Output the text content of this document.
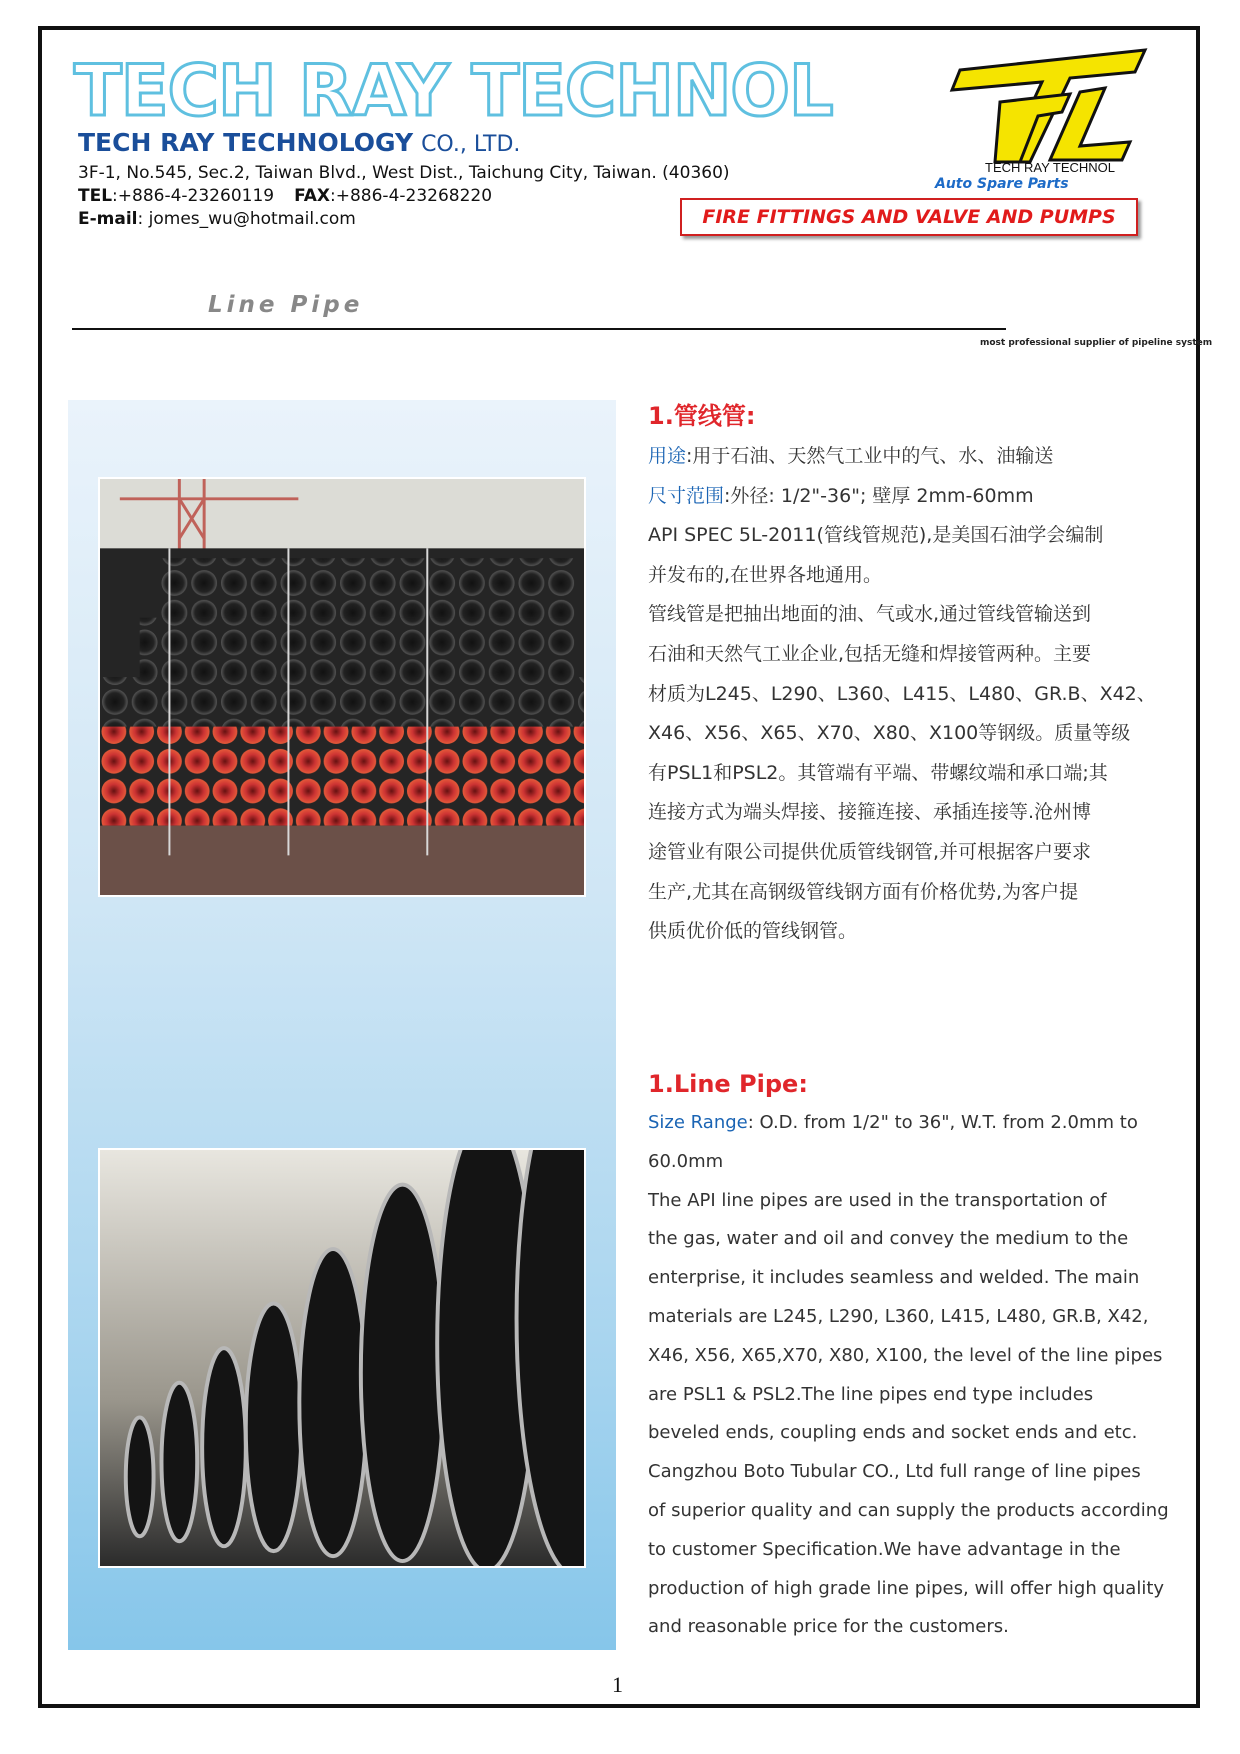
TECH RAY TECHNOL
TECH RAY TECHNOLOGY CO., LTD.
3F-1, No.545, Sec.2, Taiwan Blvd., West Dist., Taichung City, Taiwan. (40360)
TEL:+886-4-23260119 FAX:+886-4-23268220
E-mail: jomes_wu@hotmail.com
TECH RAY TECHNOL
Auto Spare Parts
FIRE FITTINGS AND VALVE AND PUMPS
Line Pipe
most professional supplier of pipeline system
1.管线管:

用途:用于石油、天然气工业中的气、水、油输送

尺寸范围:外径: 1/2"-36"; 壁厚 2mm-60mm

API SPEC 5L-2011(管线管规范),是美国石油学会编制

并发布的,在世界各地通用。

管线管是把抽出地面的油、气或水,通过管线管输送到

石油和天然气工业企业,包括无缝和焊接管两种。主要

材质为L245、L290、L360、L415、L480、GR.B、X42、

X46、X56、X65、X70、X80、X100等钢级。质量等级

有PSL1和PSL2。其管端有平端、带螺纹端和承口端;其

连接方式为端头焊接、接箍连接、承插连接等.沧州博

途管业有限公司提供优质管线钢管,并可根据客户要求

生产,尤其在高钢级管线钢方面有价格优势,为客户提

供质优价低的管线钢管。

1.Line Pipe:

Size Range: O.D. from 1/2" to 36", W.T. from 2.0mm to

60.0mm

The API line pipes are used in the transportation of

the gas, water and oil and convey the medium to the

enterprise, it includes seamless and welded. The main

materials are L245, L290, L360, L415, L480, GR.B, X42,

X46, X56, X65,X70, X80, X100, the level of the line pipes

are PSL1 & PSL2.The line pipes end type includes

beveled ends, coupling ends and socket ends and etc.

Cangzhou Boto Tubular CO., Ltd full range of line pipes

of superior quality and can supply the products according

to customer Specification.We have advantage in the

production of high grade line pipes, will offer high quality

and reasonable price for the customers.

1
